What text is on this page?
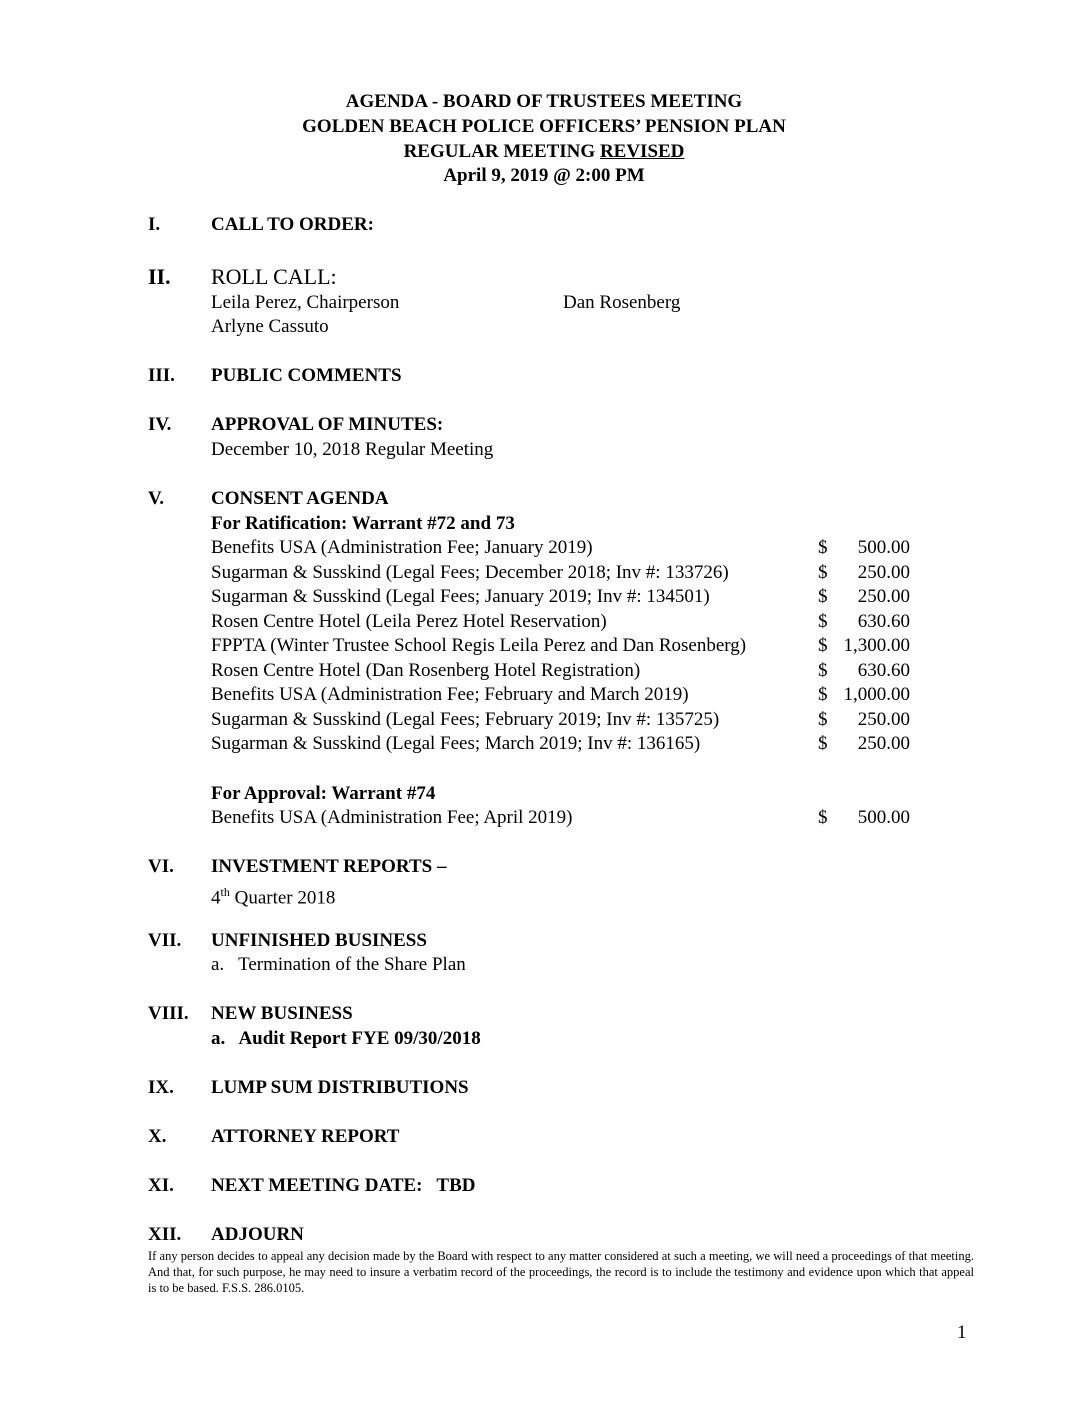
AGENDA - BOARD OF TRUSTEES MEETING
GOLDEN BEACH POLICE OFFICERS’ PENSION PLAN
REGULAR MEETING REVISED
April 9, 2019 @ 2:00 PM
I.	CALL TO ORDER:
II. ROLL CALL:
Leila Perez, Chairperson	Dan Rosenberg
Arlyne Cassuto
III. PUBLIC COMMENTS
IV. APPROVAL OF MINUTES:
December 10, 2018 Regular Meeting
V. CONSENT AGENDA
For Ratification: Warrant #72 and 73
Benefits USA (Administration Fee; January 2019)	$ 500.00
Sugarman & Susskind (Legal Fees; December 2018; Inv #: 133726)	$ 250.00
Sugarman & Susskind (Legal Fees; January 2019; Inv #: 134501)	$ 250.00
Rosen Centre Hotel (Leila Perez Hotel Reservation)	$ 630.60
FPPTA (Winter Trustee School Regis Leila Perez and Dan Rosenberg)	$ 1,300.00
Rosen Centre Hotel (Dan Rosenberg Hotel Registration)	$ 630.60
Benefits USA (Administration Fee; February and March 2019)	$ 1,000.00
Sugarman & Susskind (Legal Fees; February 2019; Inv #: 135725)	$ 250.00
Sugarman & Susskind (Legal Fees; March 2019; Inv #: 136165)	$ 250.00
For Approval: Warrant #74
Benefits USA (Administration Fee; April 2019)	$ 500.00
VI. INVESTMENT REPORTS –
4th Quarter 2018
VII. UNFINISHED BUSINESS
a.   Termination of the Share Plan
VIII. NEW BUSINESS
a.   Audit Report FYE 09/30/2018
IX. LUMP SUM DISTRIBUTIONS
X. ATTORNEY REPORT
XI. NEXT MEETING DATE:   TBD
XII. ADJOURN
If any person decides to appeal any decision made by the Board with respect to any matter considered at such a meeting, we will need a proceedings of that meeting. And that, for such purpose, he may need to insure a verbatim record of the proceedings, the record is to include the testimony and evidence upon which that appeal is to be based. F.S.S. 286.0105.
1
